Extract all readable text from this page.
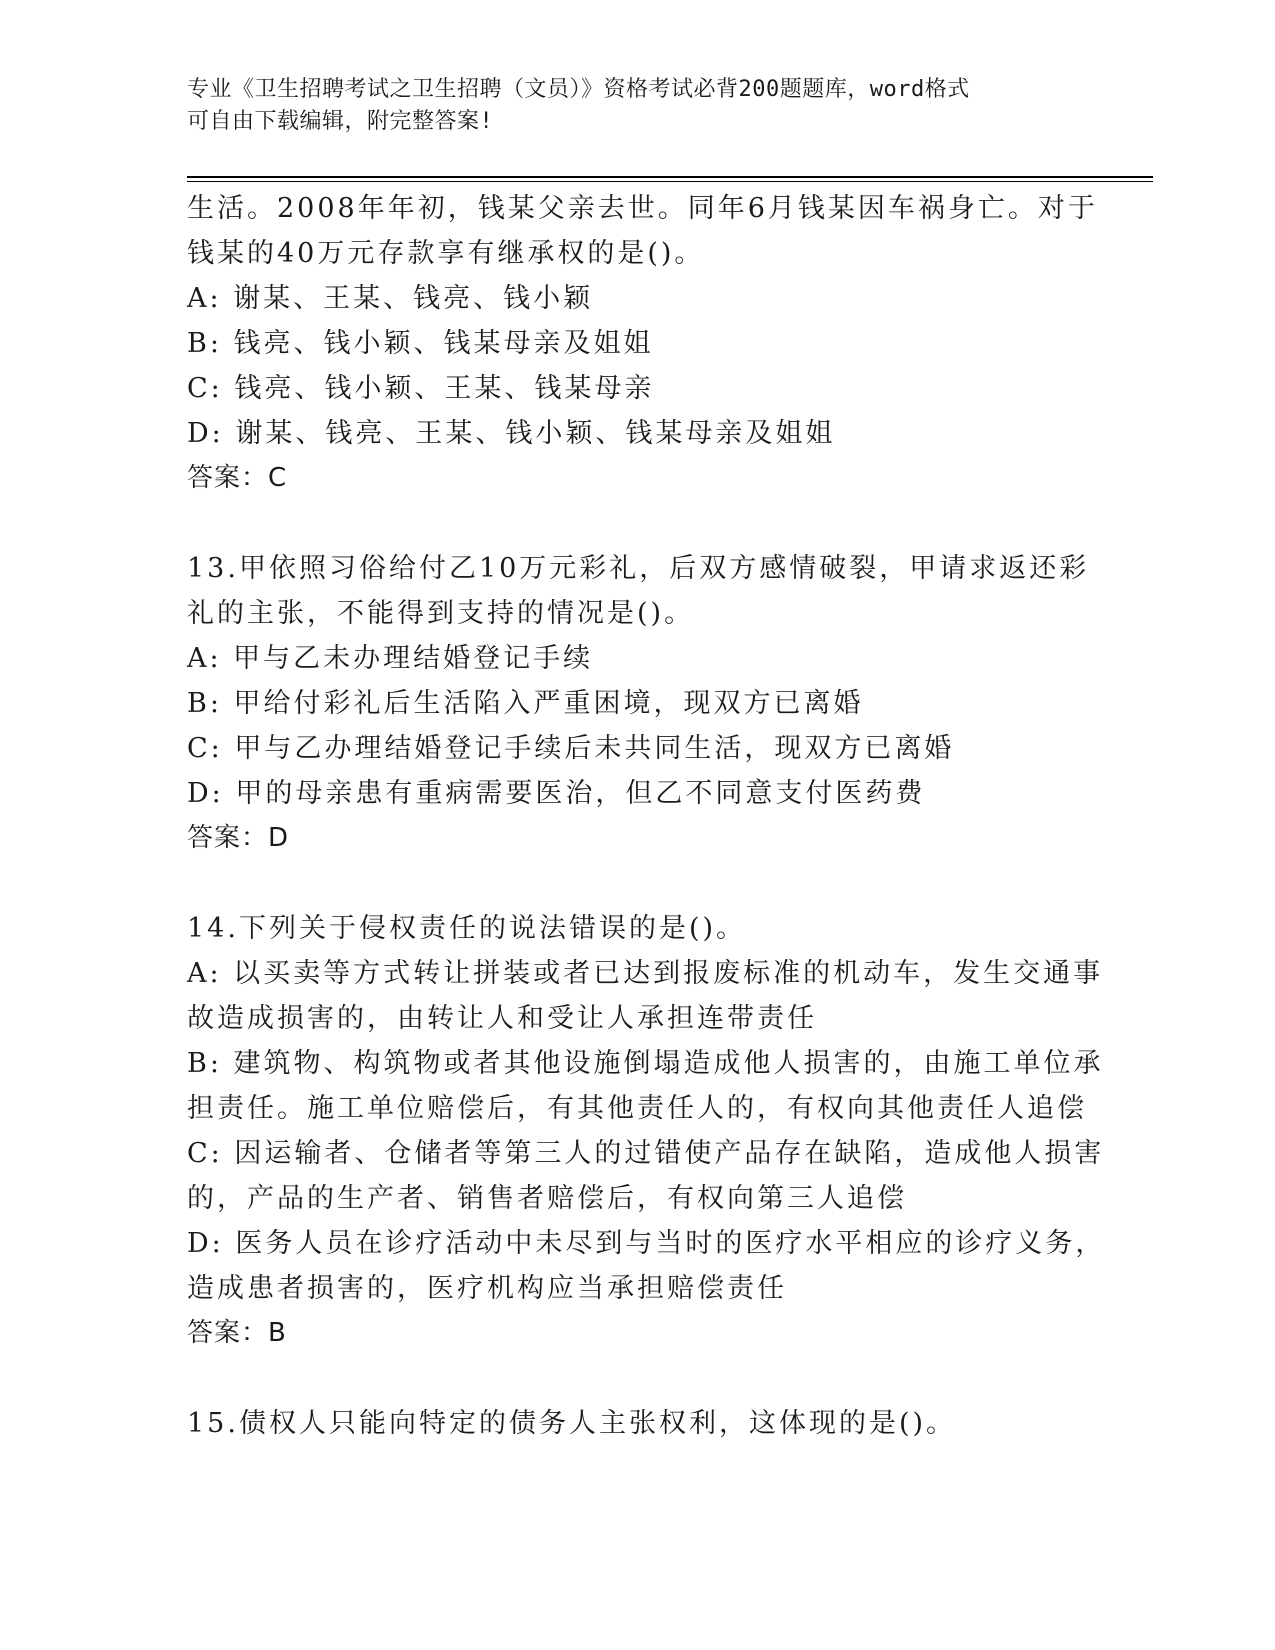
专业《卫生招聘考试之卫生招聘（文员）》资格考试必背200题题库，word格式
可自由下载编辑，附完整答案!
生活。2008年年初，钱某父亲去世。同年6月钱某因车祸身亡。对于
钱某的40万元存款享有继承权的是()。
A: 谢某、王某、钱亮、钱小颖
B: 钱亮、钱小颖、钱某母亲及姐姐
C: 钱亮、钱小颖、王某、钱某母亲
D: 谢某、钱亮、王某、钱小颖、钱某母亲及姐姐
答案：C
13.甲依照习俗给付乙10万元彩礼，后双方感情破裂，甲请求返还彩
礼的主张，不能得到支持的情况是()。
A: 甲与乙未办理结婚登记手续
B: 甲给付彩礼后生活陷入严重困境，现双方已离婚
C: 甲与乙办理结婚登记手续后未共同生活，现双方已离婚
D: 甲的母亲患有重病需要医治，但乙不同意支付医药费
答案：D
14.下列关于侵权责任的说法错误的是()。
A: 以买卖等方式转让拼装或者已达到报废标准的机动车，发生交通事
故造成损害的，由转让人和受让人承担连带责任
B: 建筑物、构筑物或者其他设施倒塌造成他人损害的，由施工单位承
担责任。施工单位赔偿后，有其他责任人的，有权向其他责任人追偿
C: 因运输者、仓储者等第三人的过错使产品存在缺陷，造成他人损害
的，产品的生产者、销售者赔偿后，有权向第三人追偿
D: 医务人员在诊疗活动中未尽到与当时的医疗水平相应的诊疗义务，
造成患者损害的，医疗机构应当承担赔偿责任
答案：B
15.债权人只能向特定的债务人主张权利，这体现的是()。
